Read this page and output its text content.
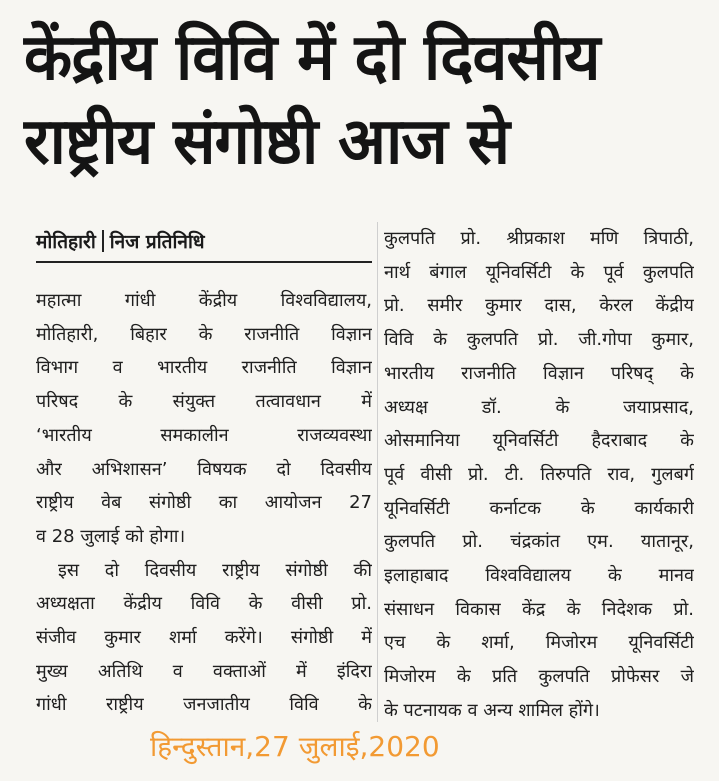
केंद्रीय विवि में दो दिवसीय
राष्ट्रीय संगोष्ठी आज से
मोतिहारी निज प्रतिनिधि
महात्मा गांधी केंद्रीय विश्वविद्यालय,
मोतिहारी, बिहार के राजनीति विज्ञान
विभाग व भारतीय राजनीति विज्ञान
परिषद के संयुक्त तत्वावधान में
‘भारतीय समकालीन राजव्यवस्था
और अभिशासन’ विषयक दो दिवसीय
राष्ट्रीय वेब संगोष्ठी का आयोजन 27
व 28 जुलाई को होगा।
इस दो दिवसीय राष्ट्रीय संगोष्ठी की
अध्यक्षता केंद्रीय विवि के वीसी प्रो.
संजीव कुमार शर्मा करेंगे। संगोष्ठी में
मुख्य अतिथि व वक्ताओं में इंदिरा
गांधी राष्ट्रीय जनजातीय विवि के
कुलपति प्रो. श्रीप्रकाश मणि त्रिपाठी,
नार्थ बंगाल यूनिवर्सिटी के पूर्व कुलपति
प्रो. समीर कुमार दास, केरल केंद्रीय
विवि के कुलपति प्रो. जी.गोपा कुमार,
भारतीय राजनीति विज्ञान परिषद् के
अध्यक्ष डॉ. के जयाप्रसाद,
ओसमानिया यूनिवर्सिटी हैदराबाद के
पूर्व वीसी प्रो. टी. तिरुपति राव, गुलबर्ग
यूनिवर्सिटी कर्नाटक के कार्यकारी
कुलपति प्रो. चंद्रकांत एम. यातानूर,
इलाहाबाद विश्वविद्यालय के मानव
संसाधन विकास केंद्र के निदेशक प्रो.
एच के शर्मा, मिजोरम यूनिवर्सिटी
मिजोरम के प्रति कुलपति प्रोफेसर जे
के पटनायक व अन्य शामिल होंगे।
हिन्दुस्तान,27 जुलाई,2020
